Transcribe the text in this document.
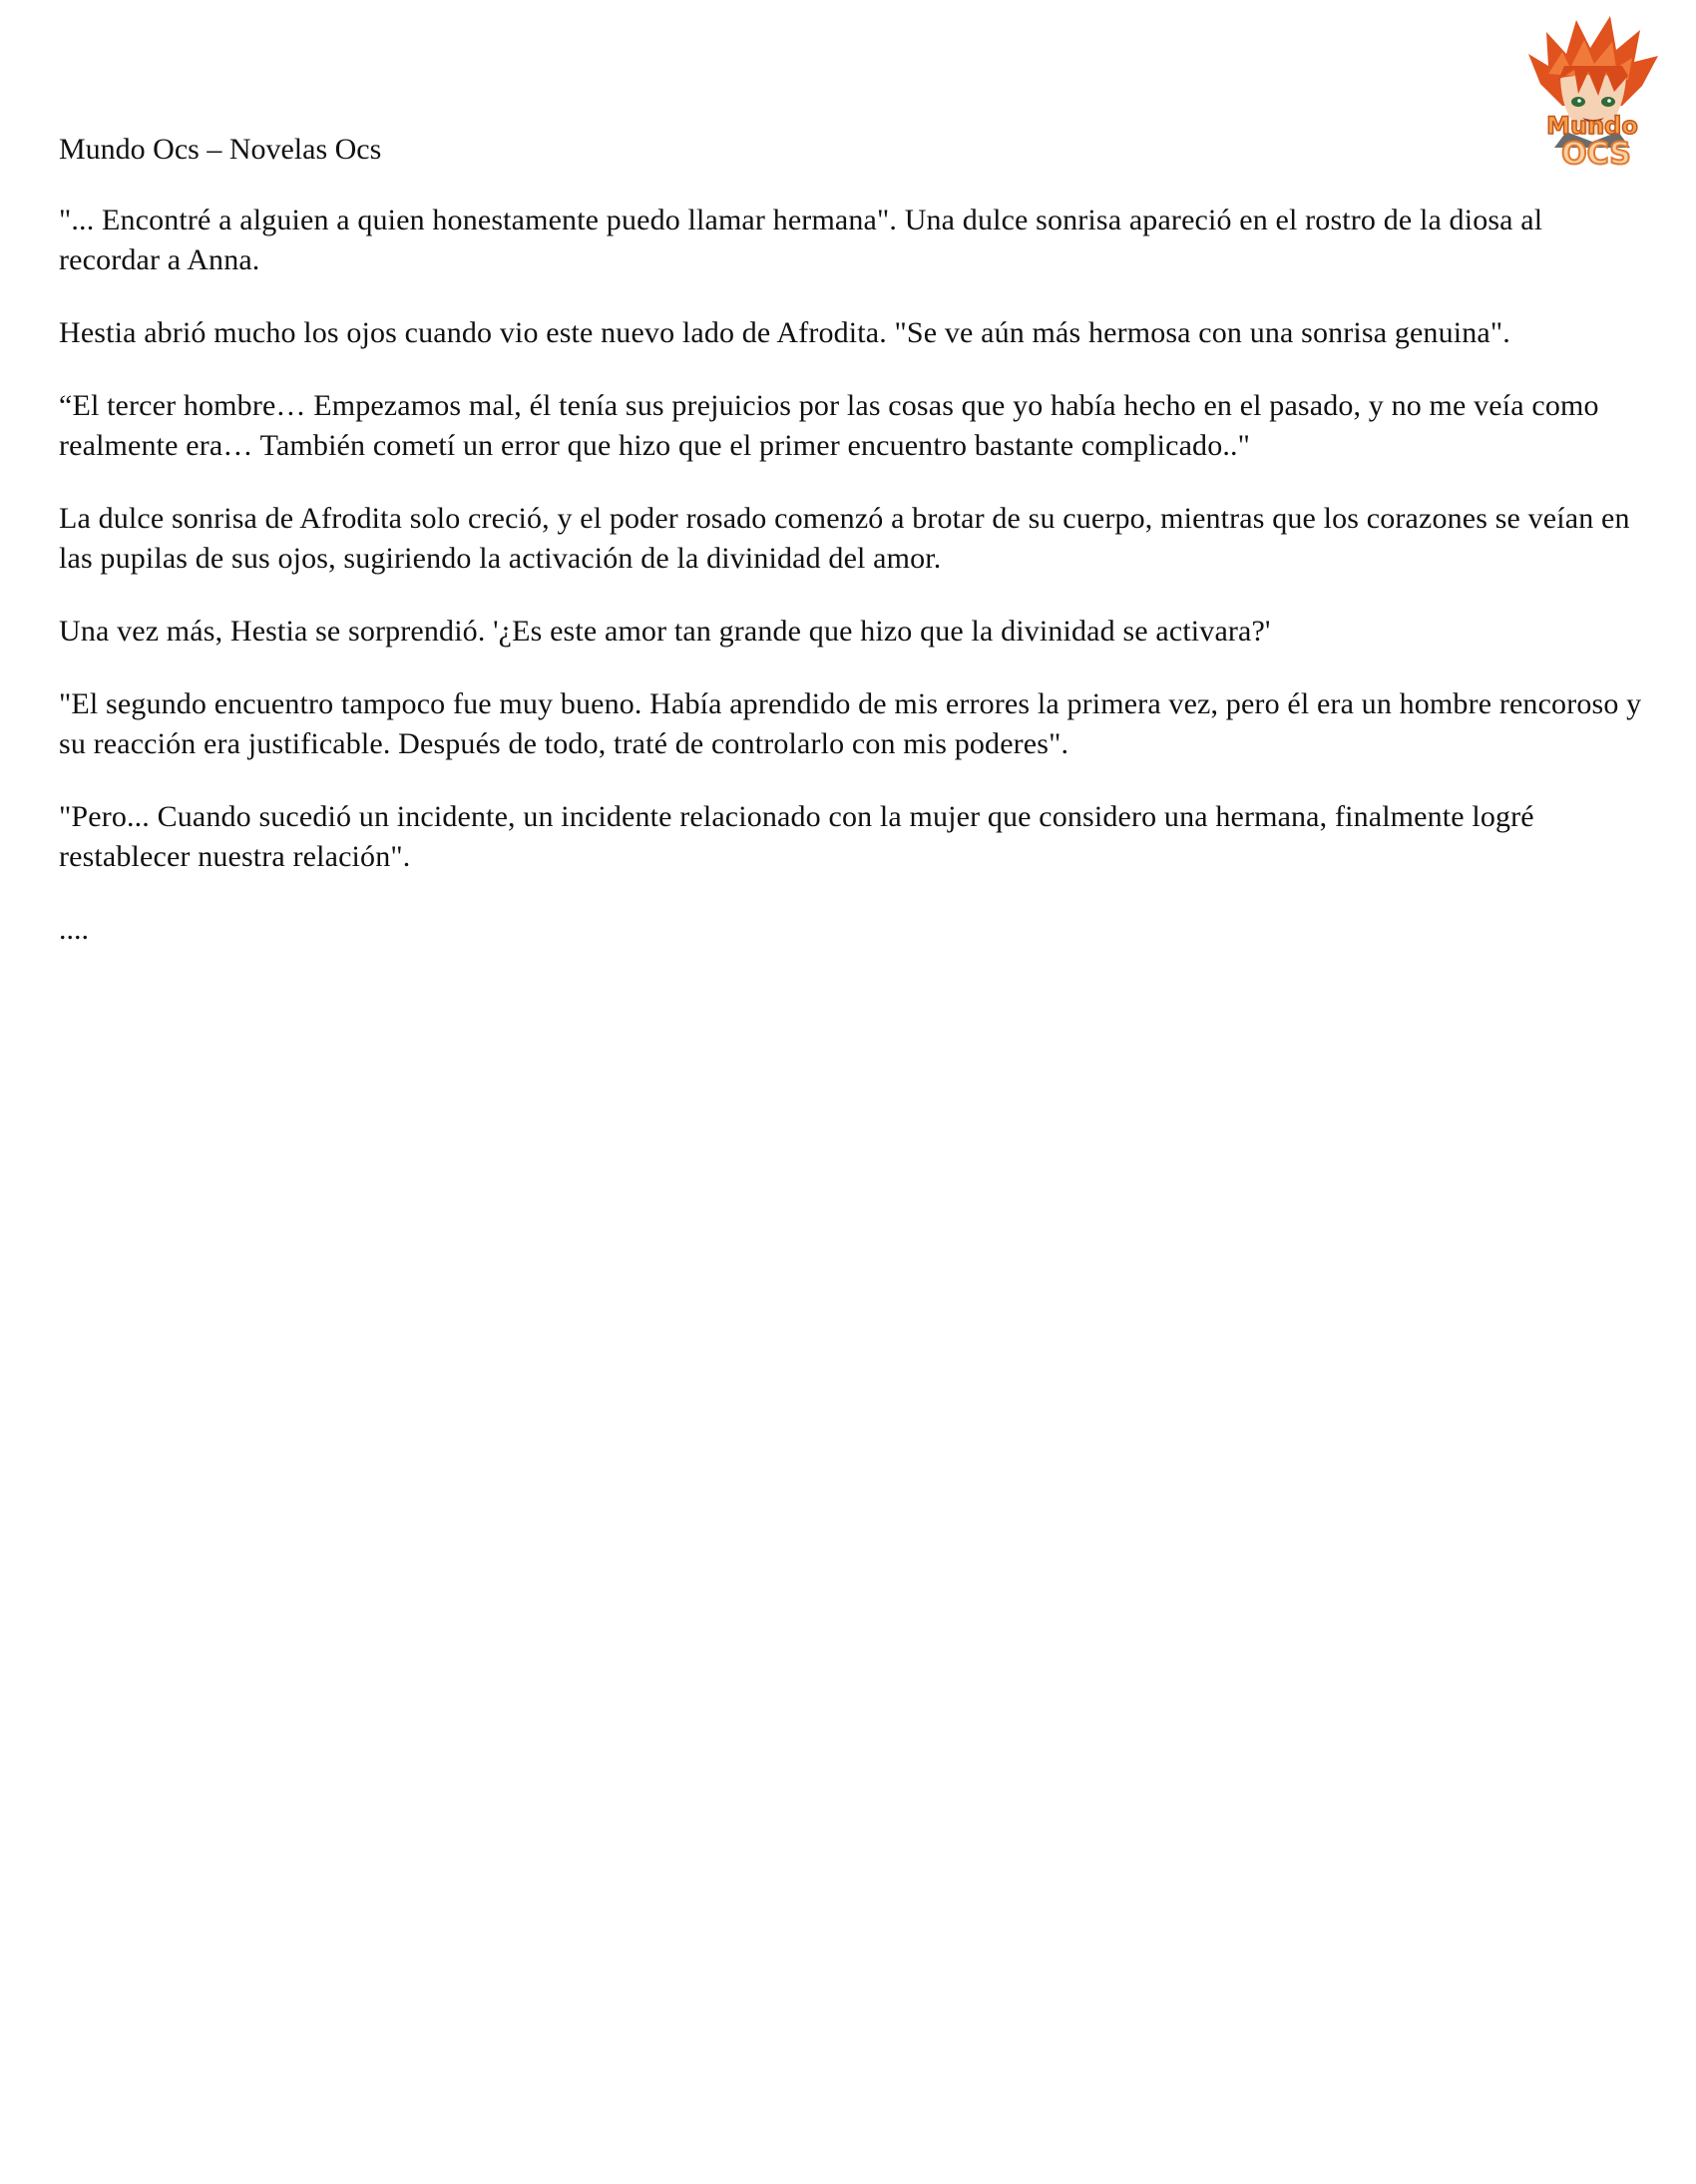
Mundo
OCS

Mundo Ocs – Novelas Ocs

"... Encontré a alguien a quien honestamente puedo llamar hermana". Una dulce sonrisa apareció en el rostro de la diosa al recordar a Anna.

Hestia abrió mucho los ojos cuando vio este nuevo lado de Afrodita. "Se ve aún más hermosa con una sonrisa genuina".

“El tercer hombre… Empezamos mal, él tenía sus prejuicios por las cosas que yo había hecho en el pasado, y no me veía como realmente era… También cometí un error que hizo que el primer encuentro bastante complicado.."

La dulce sonrisa de Afrodita solo creció, y el poder rosado comenzó a brotar de su cuerpo, mientras que los corazones se veían en las pupilas de sus ojos, sugiriendo la activación de la divinidad del amor.

Una vez más, Hestia se sorprendió. '¿Es este amor tan grande que hizo que la divinidad se activara?'

"El segundo encuentro tampoco fue muy bueno. Había aprendido de mis errores la primera vez, pero él era un hombre rencoroso y su reacción era justificable. Después de todo, traté de controlarlo con mis poderes".

"Pero... Cuando sucedió un incidente, un incidente relacionado con la mujer que considero una hermana, finalmente logré restablecer nuestra relación".

....
